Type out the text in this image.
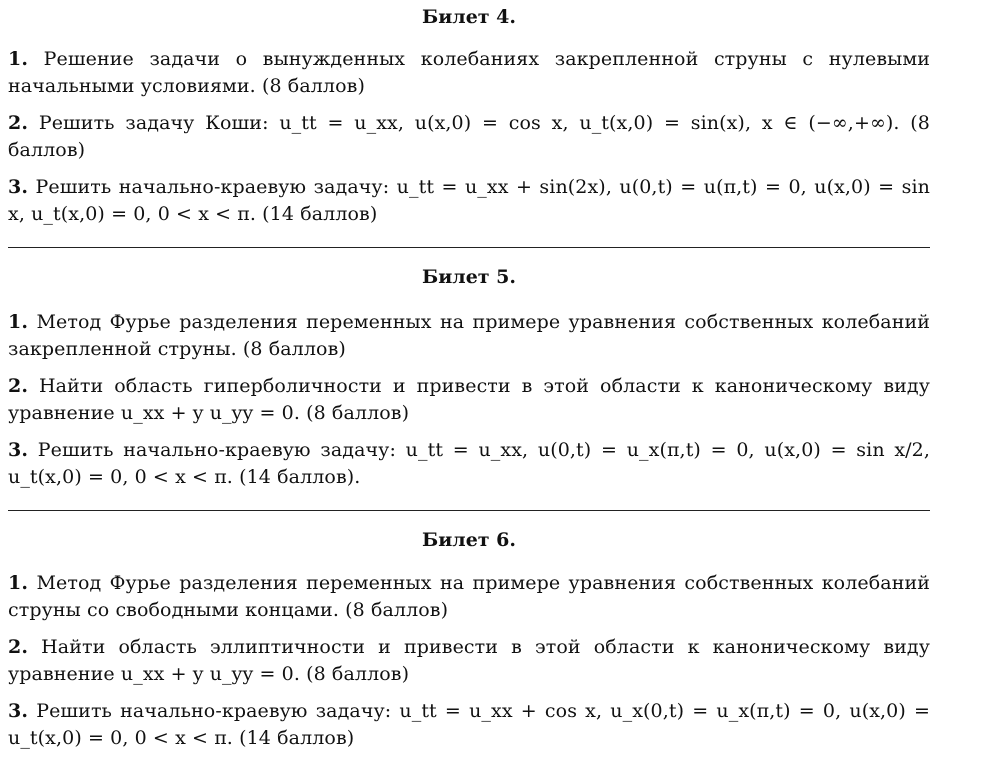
Билет 4.

1. Решение задачи о вынужденных колебаниях закрепленной струны с нулевыми начальными условиями. (8 баллов)

2. Решить задачу Коши: u_tt = u_xx, u(x,0) = cos x, u_t(x,0) = sin(x), x ∈ (−∞,+∞). (8 баллов)

3. Решить начально-краевую задачу: u_tt = u_xx + sin(2x), u(0,t) = u(π,t) = 0, u(x,0) = sin x, u_t(x,0) = 0, 0 < x < π. (14 баллов)

Билет 5.

1. Метод Фурье разделения переменных на примере уравнения собственных колебаний закрепленной струны. (8 баллов)

2. Найти область гиперболичности и привести в этой области к каноническому виду уравнение u_xx + y u_yy = 0. (8 баллов)

3. Решить начально-краевую задачу: u_tt = u_xx, u(0,t) = u_x(π,t) = 0, u(x,0) = sin x/2, u_t(x,0) = 0, 0 < x < π. (14 баллов).

Билет 6.

1. Метод Фурье разделения переменных на примере уравнения собственных колебаний струны со свободными концами. (8 баллов)

2. Найти область эллиптичности и привести в этой области к каноническому виду уравнение u_xx + y u_yy = 0. (8 баллов)

3. Решить начально-краевую задачу: u_tt = u_xx + cos x, u_x(0,t) = u_x(π,t) = 0, u(x,0) = u_t(x,0) = 0, 0 < x < π. (14 баллов)
